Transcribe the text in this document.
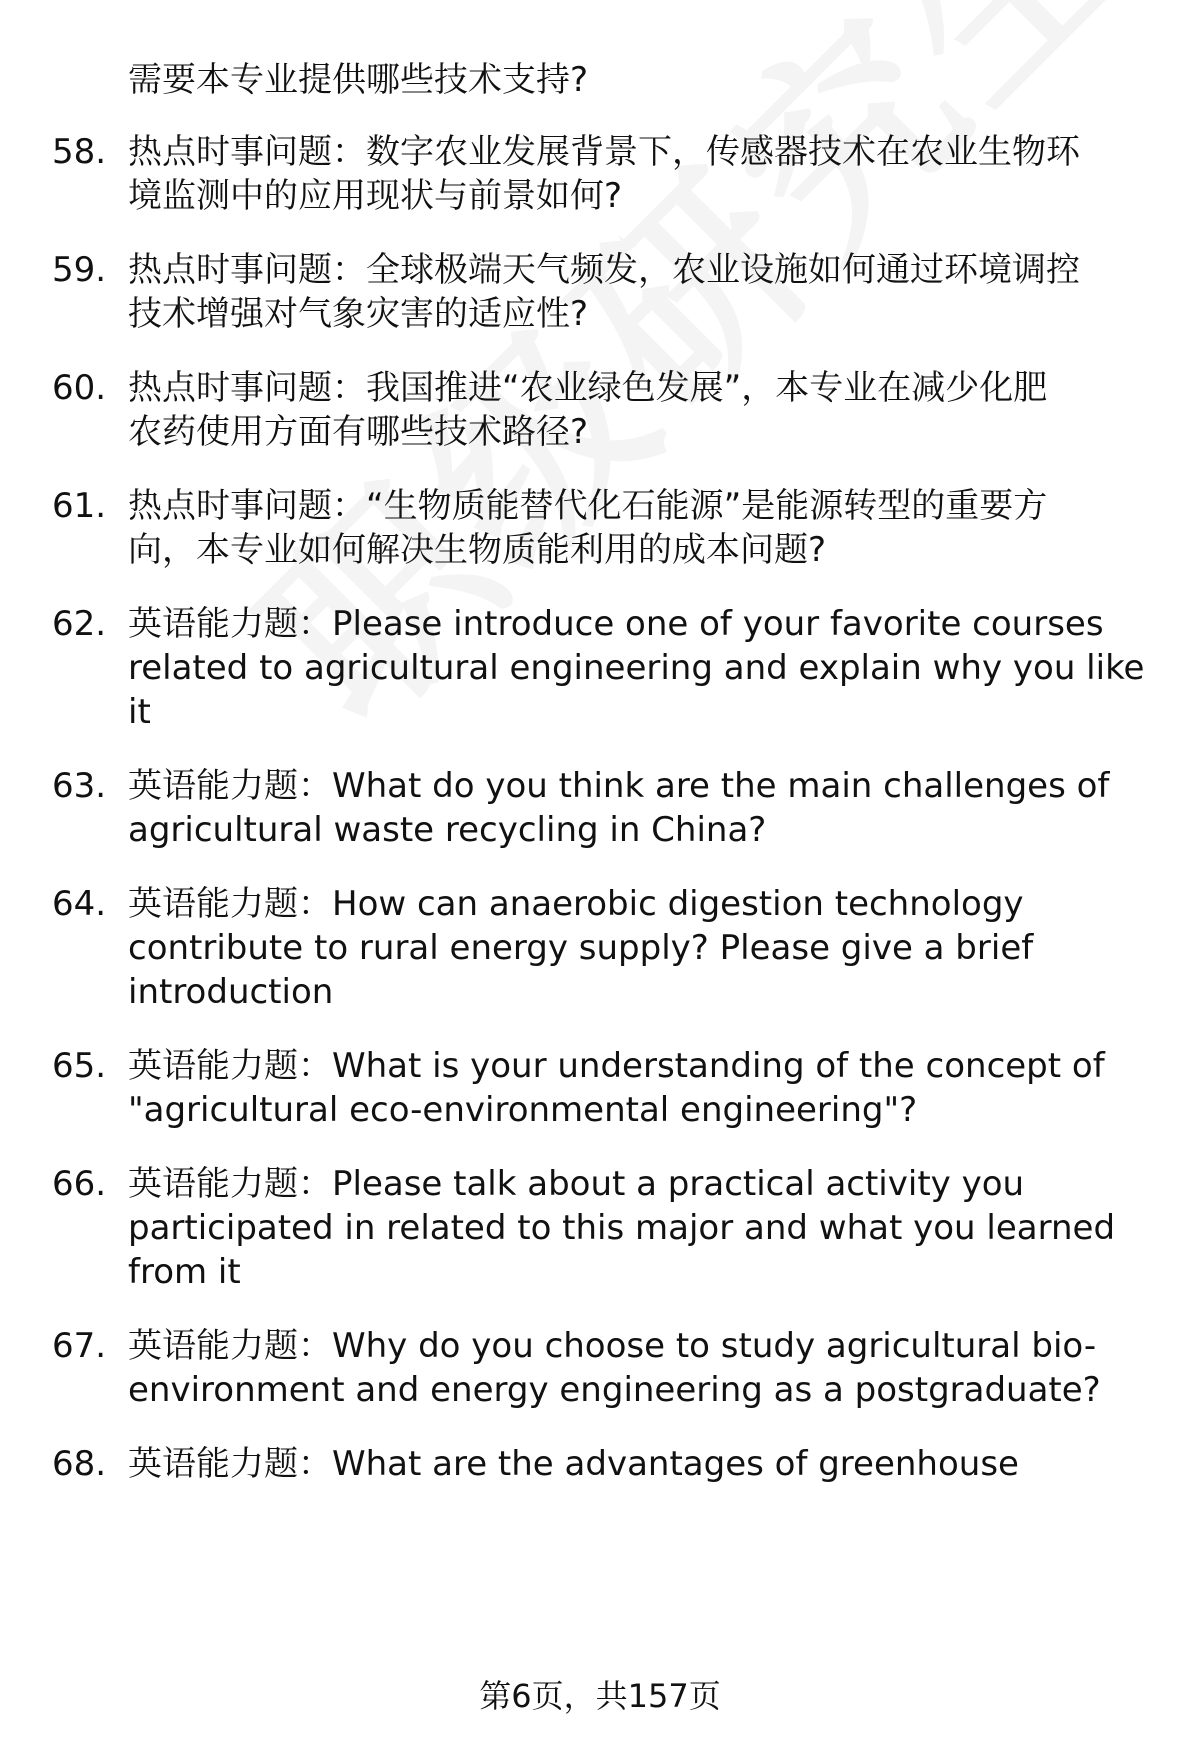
需要本专业提供哪些技术支持?
58. 热点时事问题：数字农业发展背景下，传感器技术在农业生物环
境监测中的应用现状与前景如何?
59. 热点时事问题：全球极端天气频发，农业设施如何通过环境调控
技术增强对气象灾害的适应性?
60. 热点时事问题：我国推进“农业绿色发展”，本专业在减少化肥
农药使用方面有哪些技术路径?
61. 热点时事问题：“生物质能替代化石能源”是能源转型的重要方
向，本专业如何解决生物质能利用的成本问题?
62. 英语能力题：Please introduce one of your favorite courses
related to agricultural engineering and explain why you like
it
63. 英语能力题：What do you think are the main challenges of
agricultural waste recycling in China?
64. 英语能力题：How can anaerobic digestion technology
contribute to rural energy supply? Please give a brief
introduction
65. 英语能力题：What is your understanding of the concept of
"agricultural eco-environmental engineering"?
66. 英语能力题：Please talk about a practical activity you
participated in related to this major and what you learned
from it
67. 英语能力题：Why do you choose to study agricultural bio-
environment and energy engineering as a postgraduate?
68. 英语能力题：What are the advantages of greenhouse
第6页，共157页
